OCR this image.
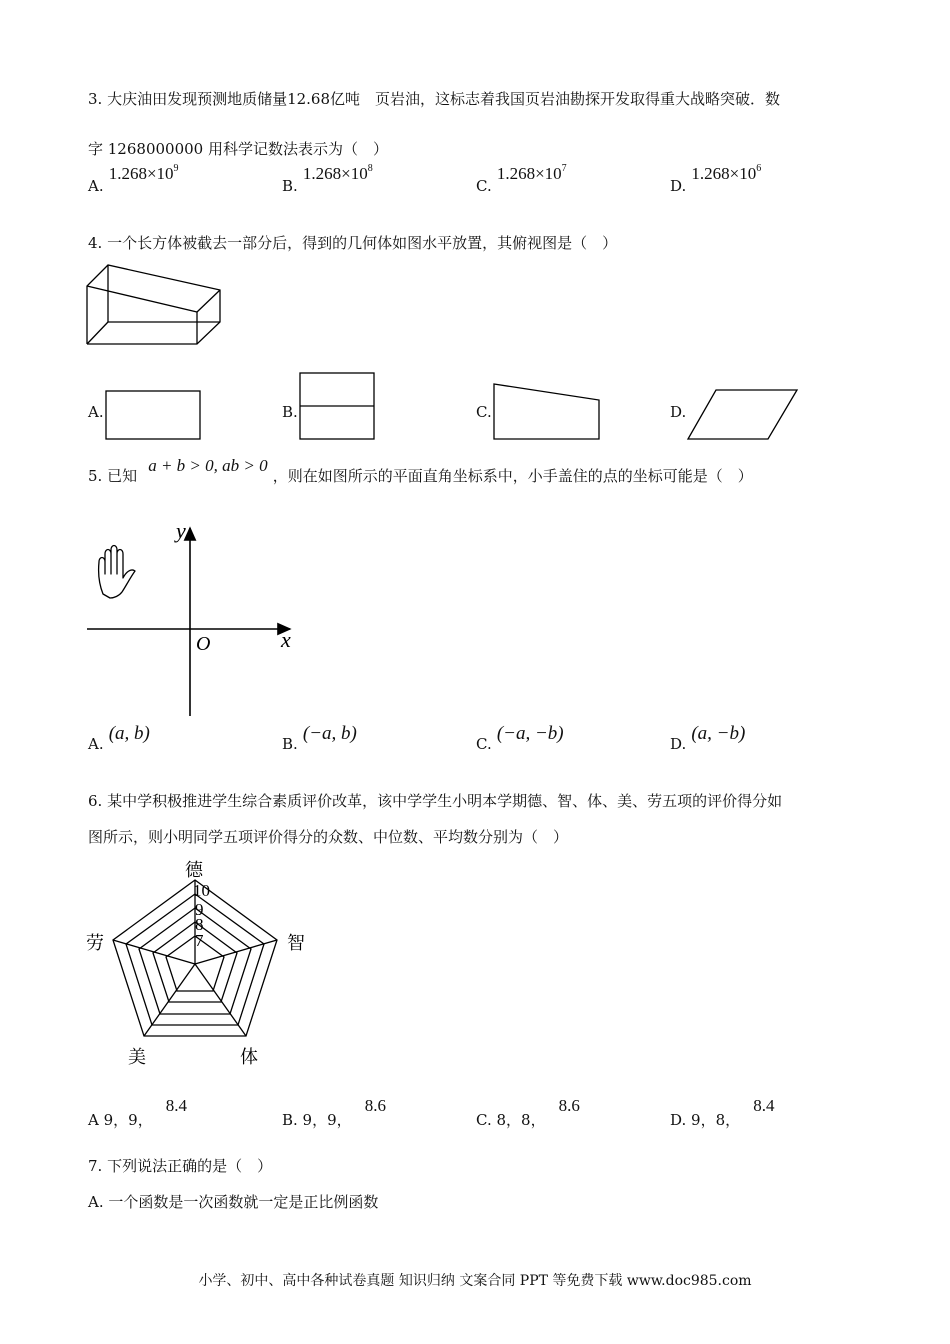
3. 大庆油田发现预测地质储量12.68亿吨　页岩油，这标志着我国页岩油勘探开发取得重大战略突破．数
字 1268000000 用科学记数法表示为（　）
A. $1.268\times 10^9$
B. $1.268\times 10^8$
C. $1.268\times 10^7$
D. $1.268\times 10^6$
4. 一个长方体被截去一部分后，得到的几何体如图水平放置，其俯视图是（　）
A.	B.	C.	D.
5. 已知 a + b > 0, ab > 0 ，则在如图所示的平面直角坐标系中，小手盖住的点的坐标可能是（　）
y
x
O
A. (a, b)	B. (−a, b)	C. (−a, −b)	D. (a, −b)
6. 某中学积极推进学生综合素质评价改革，该中学学生小明本学期德、智、体、美、劳五项的评价得分如
图所示，则小明同学五项评价得分的众数、中位数、平均数分别为（　）
德
智
体
美
劳
10
9
8
7
A 9，9， 8.4
B. 9，9， 8.6
C. 8，8， 8.6
D. 9，8， 8.4
7. 下列说法正确的是（　）
A. 一个函数是一次函数就一定是正比例函数
小学、初中、高中各种试卷真题 知识归纳 文案合同 PPT 等免费下载 www.doc985.com
